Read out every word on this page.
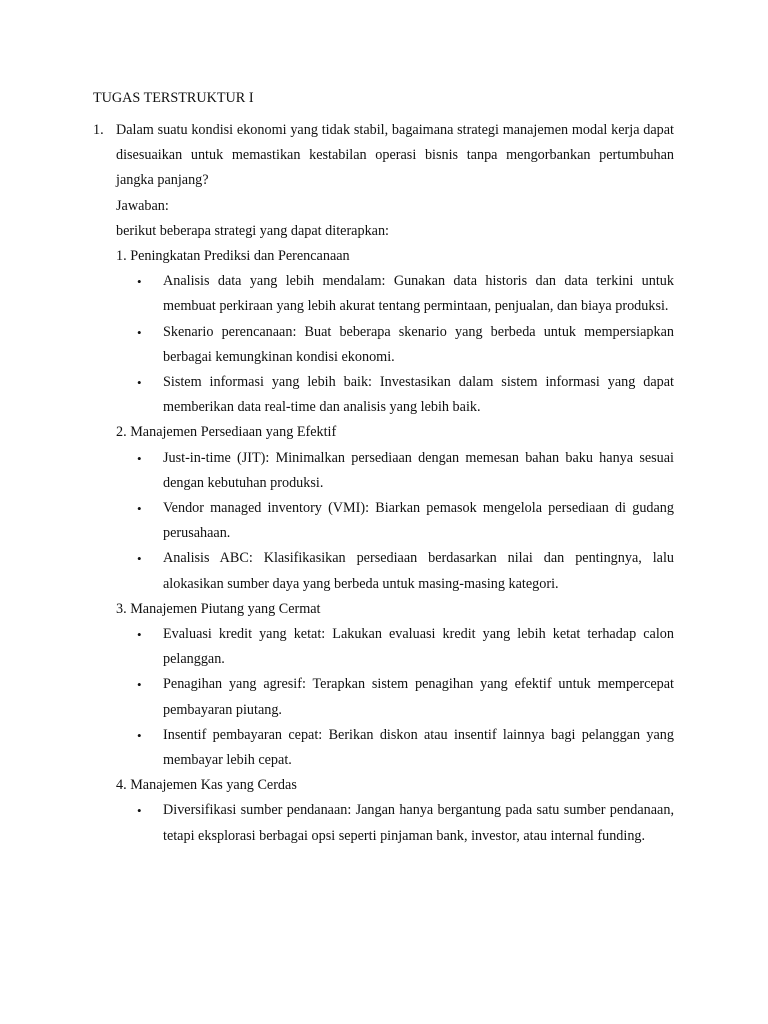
TUGAS TERSTRUKTUR I
1. Dalam suatu kondisi ekonomi yang tidak stabil, bagaimana strategi manajemen modal kerja dapat disesuaikan untuk memastikan kestabilan operasi bisnis tanpa mengorbankan pertumbuhan jangka panjang?
Jawaban:
berikut beberapa strategi yang dapat diterapkan:
1. Peningkatan Prediksi dan Perencanaan
•	Analisis data yang lebih mendalam: Gunakan data historis dan data terkini untuk membuat perkiraan yang lebih akurat tentang permintaan, penjualan, dan biaya produksi.
•	Skenario perencanaan: Buat beberapa skenario yang berbeda untuk mempersiapkan berbagai kemungkinan kondisi ekonomi.
•	Sistem informasi yang lebih baik: Investasikan dalam sistem informasi yang dapat memberikan data real-time dan analisis yang lebih baik.
2. Manajemen Persediaan yang Efektif
•	Just-in-time (JIT): Minimalkan persediaan dengan memesan bahan baku hanya sesuai dengan kebutuhan produksi.
•	Vendor managed inventory (VMI): Biarkan pemasok mengelola persediaan di gudang perusahaan.
•	Analisis ABC: Klasifikasikan persediaan berdasarkan nilai dan pentingnya, lalu alokasikan sumber daya yang berbeda untuk masing-masing kategori.
3. Manajemen Piutang yang Cermat
•	Evaluasi kredit yang ketat: Lakukan evaluasi kredit yang lebih ketat terhadap calon pelanggan.
•	Penagihan yang agresif: Terapkan sistem penagihan yang efektif untuk mempercepat pembayaran piutang.
•	Insentif pembayaran cepat: Berikan diskon atau insentif lainnya bagi pelanggan yang membayar lebih cepat.
4. Manajemen Kas yang Cerdas
•	Diversifikasi sumber pendanaan: Jangan hanya bergantung pada satu sumber pendanaan, tetapi eksplorasi berbagai opsi seperti pinjaman bank, investor, atau internal funding.
